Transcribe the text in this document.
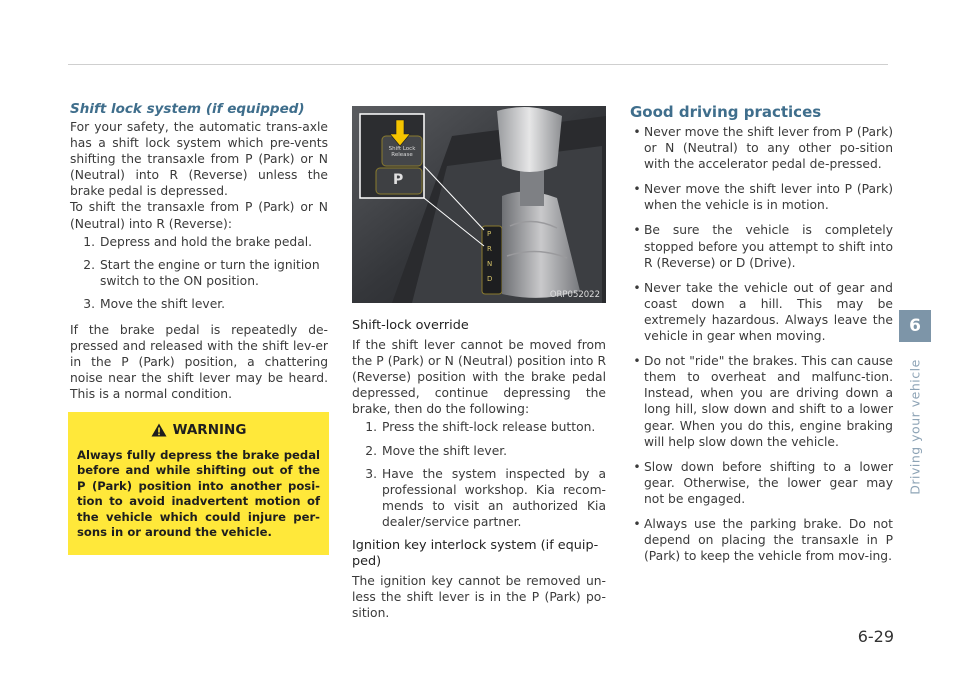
Shift lock system (if equipped)

For your safety, the automatic trans-axle has a shift lock system which pre-vents shifting the transaxle from P (Park) or N (Neutral) into R (Reverse) unless the brake pedal is depressed.

To shift the transaxle from P (Park) or N (Neutral) into R (Reverse):

1. Depress and hold the brake pedal.
2. Start the engine or turn the ignition switch to the ON position.
3. Move the shift lever.

If the brake pedal is repeatedly de-pressed and released with the shift lev-er in the P (Park) position, a chattering noise near the shift lever may be heard. This is a normal condition.

WARNING

Always fully depress the brake pedal before and while shifting out of the P (Park) position into another posi-tion to avoid inadvertent motion of the vehicle which could injure per-sons in or around the vehicle.

Shift Lock Release
P
P
R
N
D
ORP052022
Shift-lock override

If the shift lever cannot be moved from the P (Park) or N (Neutral) position into R (Reverse) position with the brake pedal depressed, continue depressing the brake, then do the following:

1. Press the shift-lock release button.
2. Move the shift lever.
3. Have the system inspected by a professional workshop. Kia recom-mends to visit an authorized Kia dealer/service partner.
Ignition key interlock system (if equip-ped)

The ignition key cannot be removed un-less the shift lever is in the P (Park) po-sition.

Good driving practices
• Never move the shift lever from P (Park) or N (Neutral) to any other po-sition with the accelerator pedal de-pressed.
• Never move the shift lever into P (Park) when the vehicle is in motion.
• Be sure the vehicle is completely stopped before you attempt to shift into R (Reverse) or D (Drive).
• Never take the vehicle out of gear and coast down a hill. This may be extremely hazardous. Always leave the vehicle in gear when moving.
• Do not "ride" the brakes. This can cause them to overheat and malfunc-tion. Instead, when you are driving down a long hill, slow down and shift to a lower gear. When you do this, engine braking will help slow down the vehicle.
• Slow down before shifting to a lower gear. Otherwise, the lower gear may not be engaged.
• Always use the parking brake. Do not depend on placing the transaxle in P (Park) to keep the vehicle from mov-ing.
6
Driving your vehicle
6-29
